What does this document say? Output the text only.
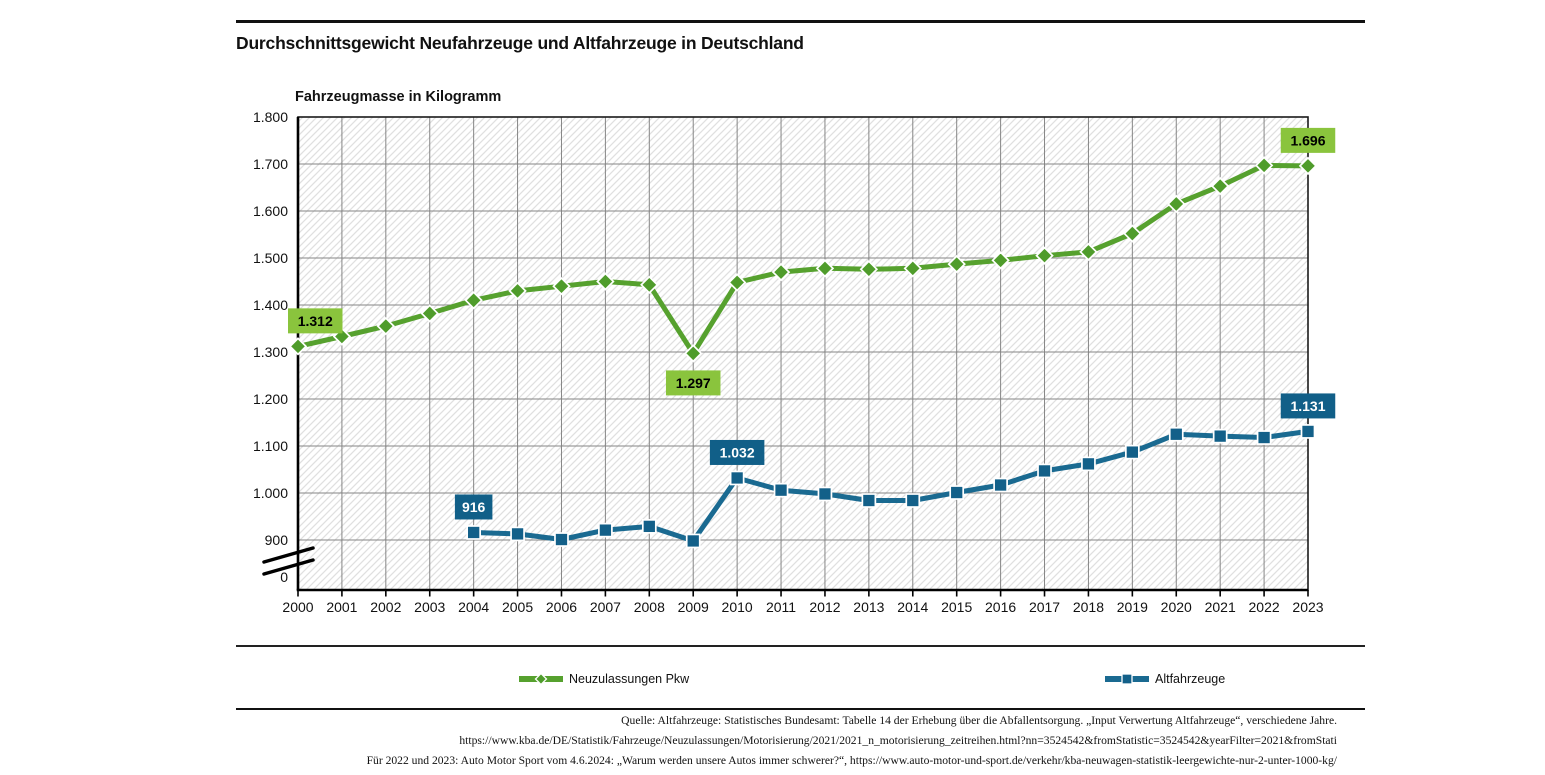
Durchschnittsgewicht Neufahrzeuge und Altfahrzeuge in Deutschland
Fahrzeugmasse in Kilogramm
1.800
1.700
1.600
1.500
1.400
1.300
1.200
1.100
1.000
900
0
2000 2001 2002 2003 2004 2005 2006 2007 2008 2009 2010 2011 2012 2013 2014 2015 2016 2017 2018 2019 2020 2021 2022 2023
1.312
1.297
1.696
916
1.032
1.131
Neuzulassungen Pkw	Altfahrzeuge
Quelle: Altfahrzeuge: Statistisches Bundesamt: Tabelle 14 der Erhebung über die Abfallentsorgung. „Input Verwertung Altfahrzeuge“, verschiedene Jahre.
https://www.kba.de/DE/Statistik/Fahrzeuge/Neuzulassungen/Motorisierung/2021/2021_n_motorisierung_zeitreihen.html?nn=3524542&fromStatistic=3524542&yearFilter=2021&fromStati
Für 2022 und 2023: Auto Motor Sport vom 4.6.2024: „Warum werden unsere Autos immer schwerer?“, https://www.auto-motor-und-sport.de/verkehr/kba-neuwagen-statistik-leergewichte-nur-2-unter-1000-kg/
